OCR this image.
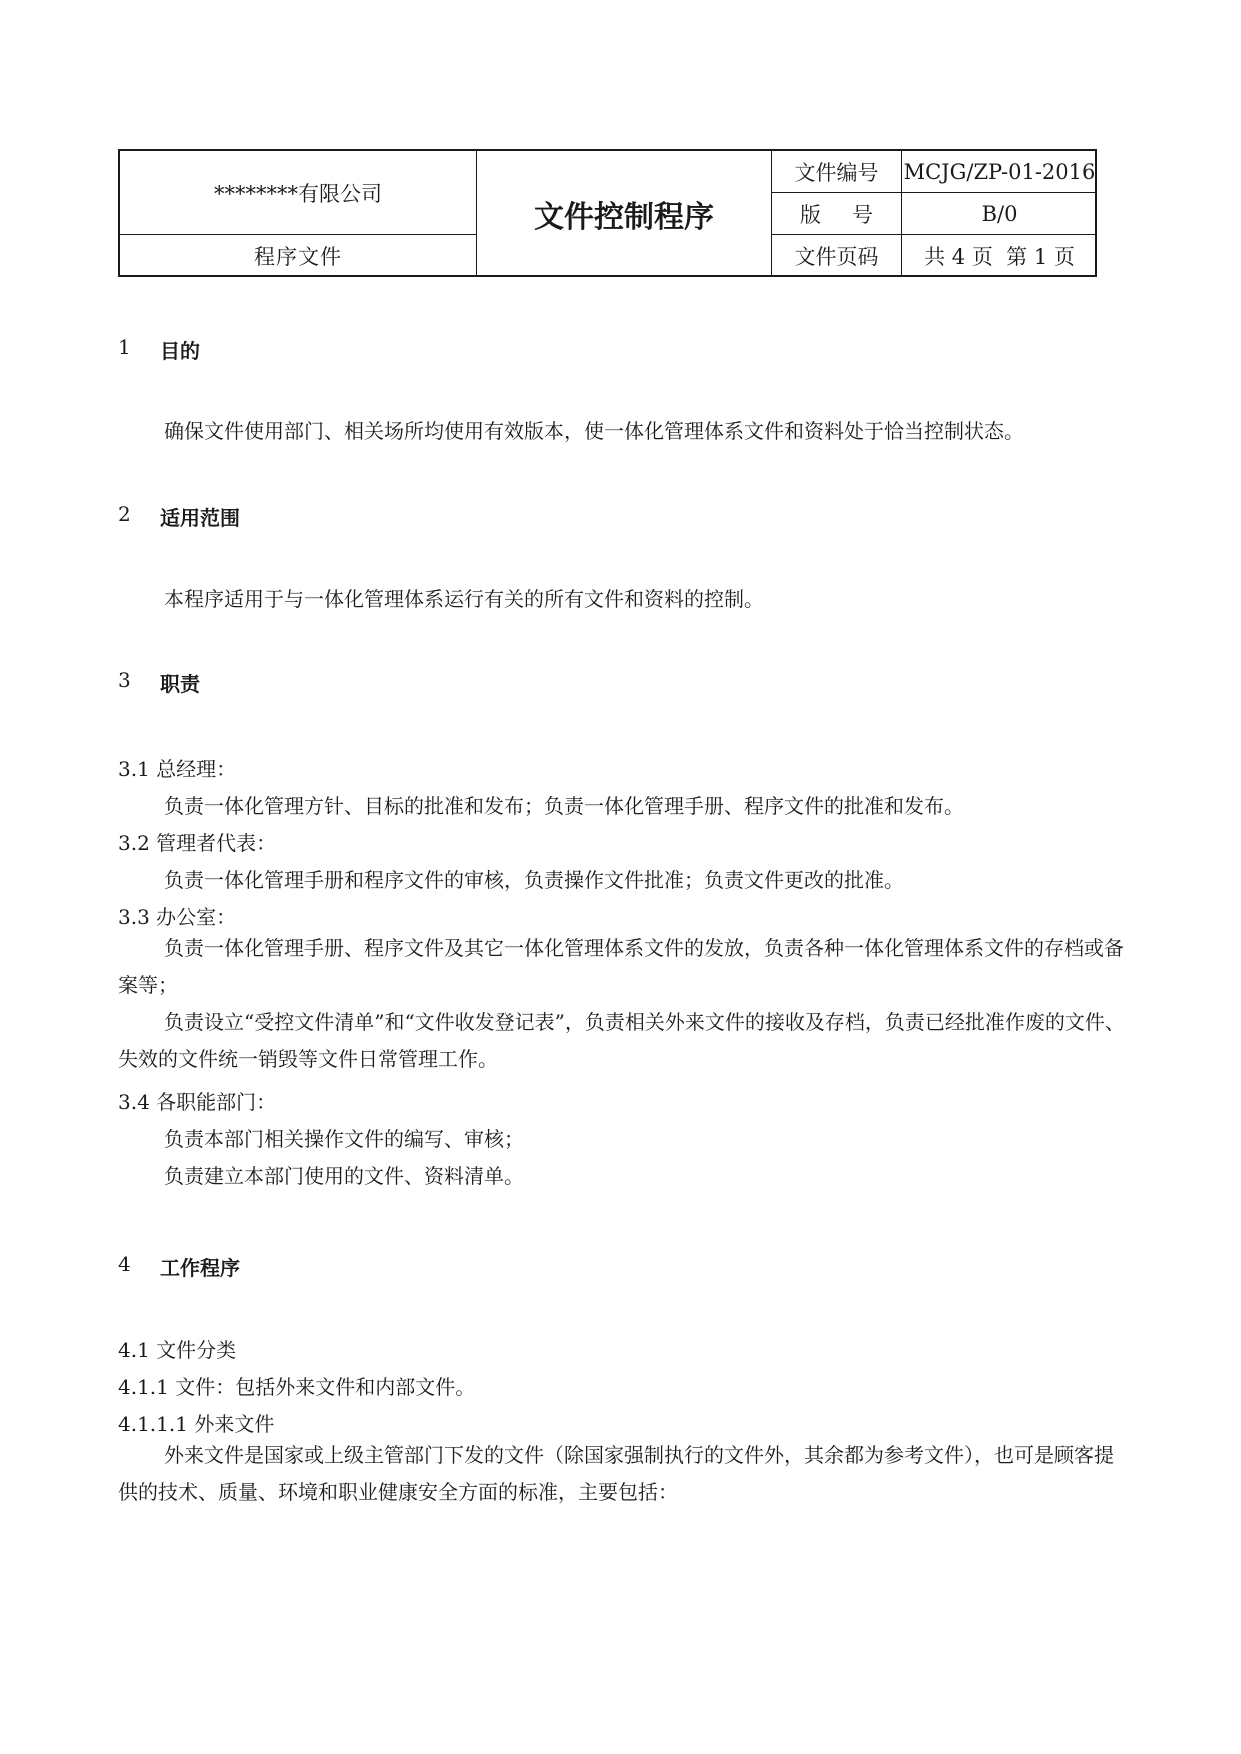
********有限公司
程序文件
文件控制程序
文件编号	MCJG/ZP-01-2016
版 号	B/0
文件页码	共 4 页  第 1 页
1 目的
确保文件使用部门、相关场所均使用有效版本，使一体化管理体系文件和资料处于恰当控制状态。
2 适用范围
本程序适用于与一体化管理体系运行有关的所有文件和资料的控制。
3 职责
3.1 总经理：
负责一体化管理方针、目标的批准和发布；负责一体化管理手册、程序文件的批准和发布。
3.2 管理者代表：
负责一体化管理手册和程序文件的审核，负责操作文件批准；负责文件更改的批准。
3.3 办公室：
负责一体化管理手册、程序文件及其它一体化管理体系文件的发放，负责各种一体化管理体系文件的存档或备案等；
负责设立“受控文件清单”和“文件收发登记表”，负责相关外来文件的接收及存档，负责已经批准作废的文件、失效的文件统一销毁等文件日常管理工作。
3.4 各职能部门：
负责本部门相关操作文件的编写、审核；
负责建立本部门使用的文件、资料清单。
4 工作程序
4.1 文件分类
4.1.1 文件：包括外来文件和内部文件。
4.1.1.1 外来文件
外来文件是国家或上级主管部门下发的文件（除国家强制执行的文件外，其余都为参考文件），也可是顾客提供的技术、质量、环境和职业健康安全方面的标准，主要包括：
